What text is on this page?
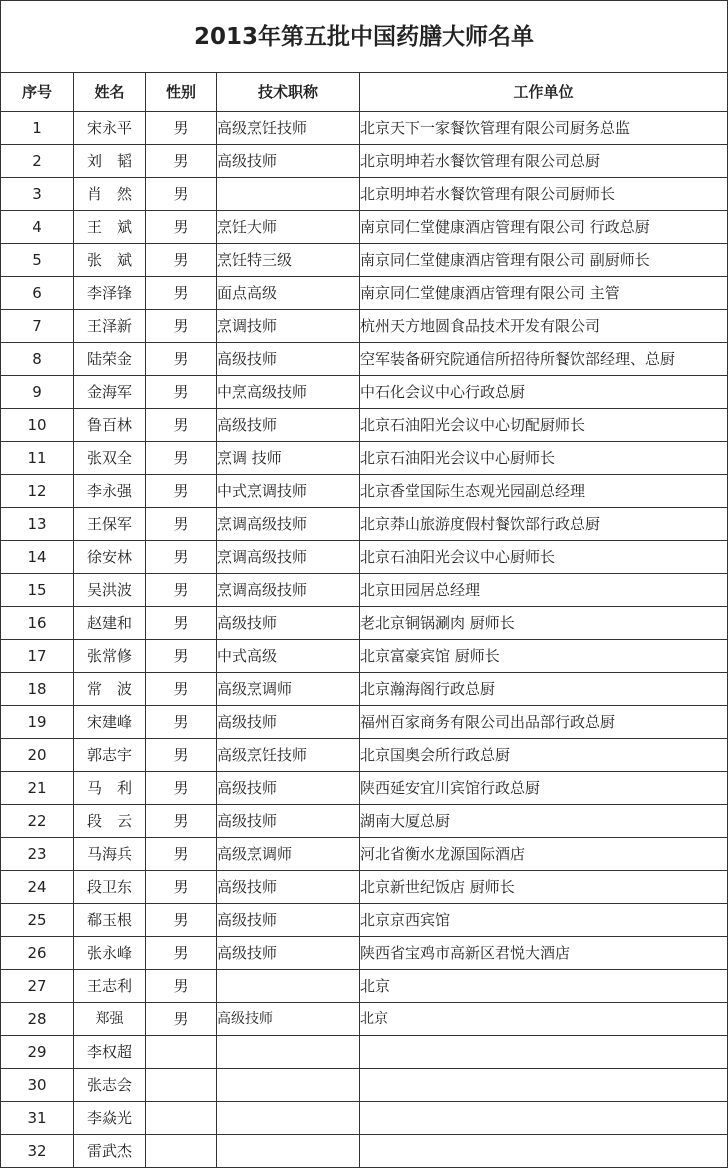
2013年第五批中国药膳大师名单				
序号	姓名	性别	技术职称	工作单位
1	宋永平	男	高级烹饪技师	北京天下一家餐饮管理有限公司厨务总监
2	刘　韬	男	高级技师	北京明坤若水餐饮管理有限公司总厨
3	肖　然	男		北京明坤若水餐饮管理有限公司厨师长
4	王　斌	男	烹饪大师	南京同仁堂健康酒店管理有限公司 行政总厨
5	张　斌	男	烹饪特三级	南京同仁堂健康酒店管理有限公司 副厨师长
6	李泽锋	男	面点高级	南京同仁堂健康酒店管理有限公司 主管
7	王泽新	男	烹调技师	杭州天方地圆食品技术开发有限公司
8	陆荣金	男	高级技师	空军装备研究院通信所招待所餐饮部经理、总厨
9	金海军	男	中烹高级技师	中石化会议中心行政总厨
10	鲁百林	男	高级技师	北京石油阳光会议中心切配厨师长
11	张双全	男	烹调 技师	北京石油阳光会议中心厨师长
12	李永强	男	中式烹调技师	北京香堂国际生态观光园副总经理
13	王保军	男	烹调高级技师	北京莽山旅游度假村餐饮部行政总厨
14	徐安林	男	烹调高级技师	北京石油阳光会议中心厨师长
15	吴洪波	男	烹调高级技师	北京田园居总经理
16	赵建和	男	高级技师	老北京铜锅涮肉 厨师长
17	张常修	男	中式高级	北京富豪宾馆 厨师长
18	常　波	男	高级烹调师	北京瀚海阁行政总厨
19	宋建峰	男	高级技师	福州百家商务有限公司出品部行政总厨
20	郭志宇	男	高级烹饪技师	北京国奥会所行政总厨
21	马　利	男	高级技师	陕西延安宜川宾馆行政总厨
22	段　云	男	高级技师	湖南大厦总厨
23	马海兵	男	高级烹调师	河北省衡水龙源国际酒店
24	段卫东	男	高级技师	北京新世纪饭店 厨师长
25	郗玉根	男	高级技师	北京京西宾馆
26	张永峰	男	高级技师	陕西省宝鸡市高新区君悦大酒店
27	王志利	男		北京
28	郑强	男	高级技师	北京
29	李权超			
30	张志会			
31	李焱光			
32	雷武杰			
